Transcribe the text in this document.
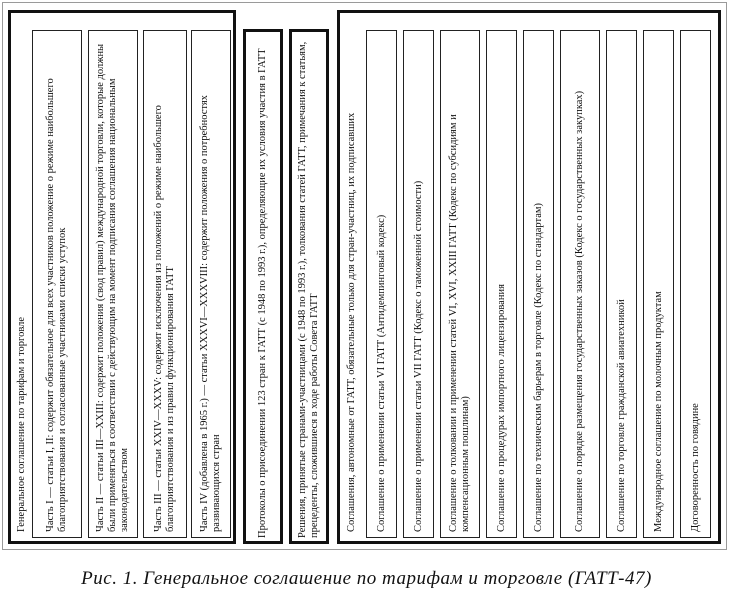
Генеральное соглашение по тарифам и торговле Часть I — статьи I, II: содержит обязательное для всех участников положение о режиме наибольшего благоприятствования и согласованные участниками списки уступок	Часть II — статьи III—XXIII: содержит положения (свод правил) международной торговли, которые должны были применяться в соответствии с действующим на момент подписания соглашения национальным законодательством Часть III — статьи XXIV—XXXV: содержит исключения из положений о режиме наибольшего благоприятствования и из правил функционирования ГАТТ Часть IV (добавлена в 1965 г.) — статьи XXXVI—XXXVIII: содержит положения о потребностях развивающихся стран	Протоколы о присоединении 123 стран к ГАТТ (с 1948 по 1993 г.), определяющие их условия участия в ГАТТ	Решения, принятые странами-участницами (с 1948 по 1993 г.), толкования статей ГАТТ, примечания к статьям, прецеденты, сложившиеся в ходе работы Совета ГАТТ Соглашения, автономные от ГАТТ, обязательные только для стран-участниц, их подписавших Соглашение о применении статьи VI ГАТТ (Антидемпинговый кодекс) Соглашение о применении статьи VII ГАТТ (Кодекс о таможенной стоимости) Соглашение о толковании и применении статей VI, XVI, XXIII ГАТТ (Кодекс по субсидиям и компенсационным пошлинам) Соглашение о процедурах импортного лицензирования Соглашение по техническим барьерам в торговле (Кодекс по стандартам)	Соглашение о порядке размещения государственных заказов (Кодекс о государственных закупках)	Соглашение по торговле гражданской авиатехникой Международное соглашение по молочным продуктам Договоренность по говядине
Рис. 1. Генеральное соглашение по тарифам и торговле (ГАТТ-47)
